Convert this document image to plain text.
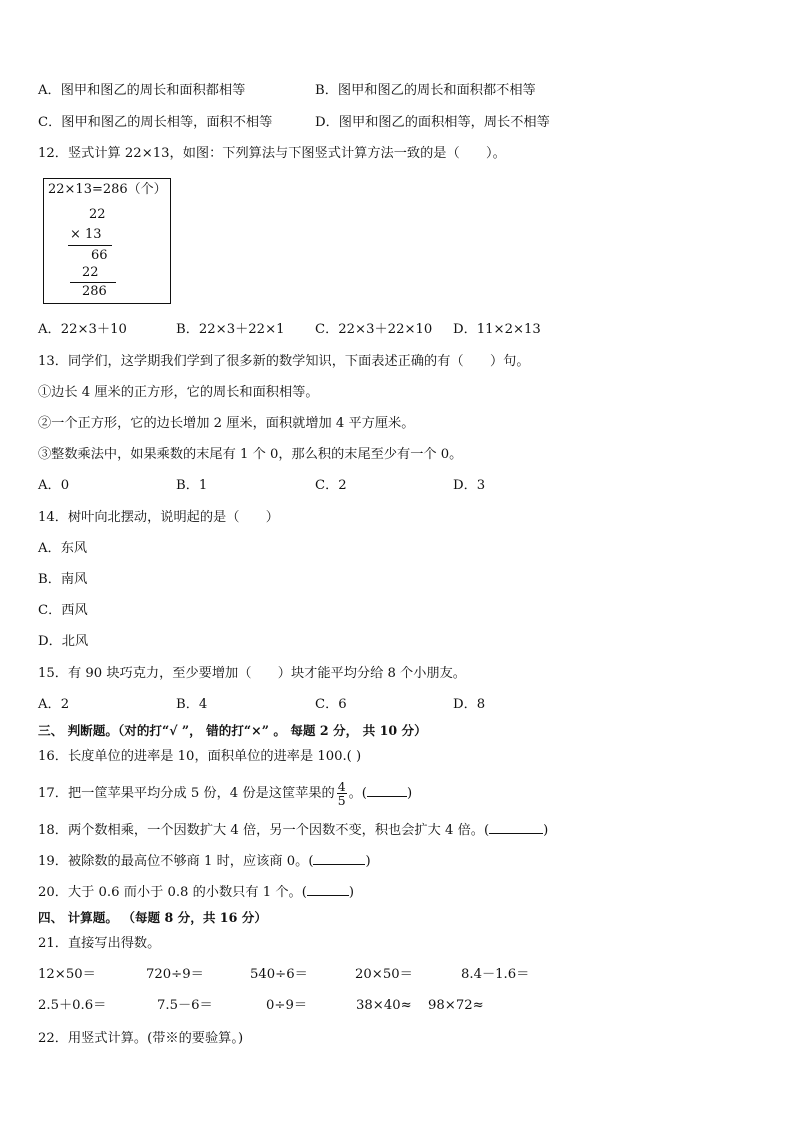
A．图甲和图乙的周长和面积都相等	B．图甲和图乙的周长和面积都不相等
C．图甲和图乙的周长相等，面积不相等	D．图甲和图乙的面积相等，周长不相等
12．竖式计算 22×13，如图：下列算法与下图竖式计算方法一致的是（　　）。
22×13=286（个）
22
× 13
66
22
286
A．22×3＋10	B．22×3＋22×1 C．22×3＋22×10 D．11×2×13
13．同学们，这学期我们学到了很多新的数学知识，下面表述正确的有（　　）句。
①边长 4 厘米的正方形，它的周长和面积相等。
②一个正方形，它的边长增加 2 厘米，面积就增加 4 平方厘米。
③整数乘法中，如果乘数的末尾有 1 个 0，那么积的末尾至少有一个 0。
A．0	B．1	C．2	D．3
14．树叶向北摆动，说明起的是（　　）
A．东风
B．南风
C．西风
D．北风
15．有 90 块巧克力，至少要增加（　　）块才能平均分给 8 个小朋友。
A．2	B．4	C．6	D．8
三、 判断题。（对的打“√ ”， 错的打“×” 。 每题 2 分， 共 10 分）
16．长度单位的进率是 10，面积单位的进率是 100.( )
17．把一筐苹果平均分成 5 份，4 份是这筐苹果的 $\frac{4}{5}$ 。(	)
18．两个数相乘，一个因数扩大 4 倍，另一个因数不变，积也会扩大 4 倍。(	)
19．被除数的最高位不够商 1 时，应该商 0。(	)
20．大于 0.6 而小于 0.8 的小数只有 1 个。(	)
四、 计算题。 （每题 8 分，共 16 分）
21．直接写出得数。
12×50＝	720÷9＝	540÷6＝	20×50＝	8.4－1.6＝
2.5＋0.6＝	7.5－6＝	0÷9＝	38×40≈ 98×72≈
22．用竖式计算。(带※的要验算。)
